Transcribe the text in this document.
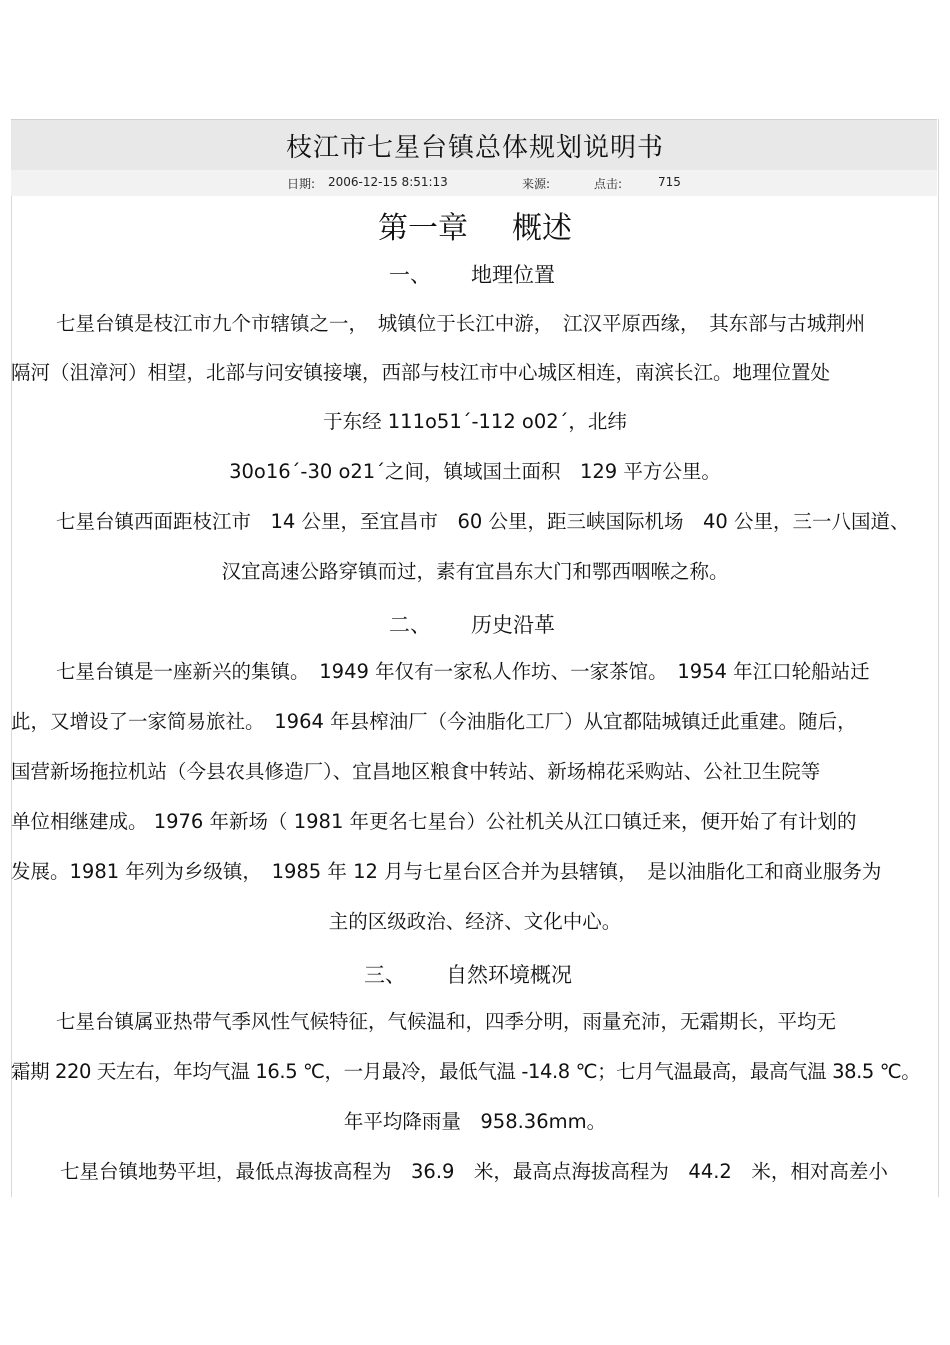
枝江市七星台镇总体规划说明书
日期: 2006-12-15 8:51:13	来源:	点击:	715
第一章 概述
一、 地理位置
七星台镇是枝江市九个市辖镇之一，　城镇位于长江中游，　江汉平原西缘，　其东部与古城荆州
隔河（沮漳河）相望，北部与问安镇接壤，西部与枝江市中心城区相连，南滨长江。地理位置处
于东经 111o51ˊ-112 o02ˊ，北纬
30o16ˊ-30 o21ˊ之间，镇域国土面积　129 平方公里。
七星台镇西面距枝江市　14 公里，至宜昌市　60 公里，距三峡国际机场　40 公里，三一八国道、
汉宜高速公路穿镇而过，素有宜昌东大门和鄂西咽喉之称。
二、 历史沿革
七星台镇是一座新兴的集镇。　1949 年仅有一家私人作坊、一家茶馆。　1954 年江口轮船站迁
此，又增设了一家简易旅社。　1964 年县榨油厂（今油脂化工厂）从宜都陆城镇迁此重建。随后，
国营新场拖拉机站（今县农具修造厂）、宜昌地区粮食中转站、新场棉花采购站、公社卫生院等
单位相继建成。 1976 年新场（ 1981 年更名七星台）公社机关从江口镇迁来，便开始了有计划的
发展。1981 年列为乡级镇，　1985 年 12 月与七星台区合并为县辖镇，　是以油脂化工和商业服务为
主的区级政治、经济、文化中心。
三、 自然环境概况
七星台镇属亚热带气季风性气候特征，气候温和，四季分明，雨量充沛，无霜期长，平均无
霜期 220 天左右，年均气温 16.5 ℃，一月最冷，最低气温 -14.8 ℃；七月气温最高，最高气温 38.5 ℃。
年平均降雨量　958.36mm。
七星台镇地势平坦，最低点海拔高程为　36.9　米，最高点海拔高程为　44.2　米，相对高差小
